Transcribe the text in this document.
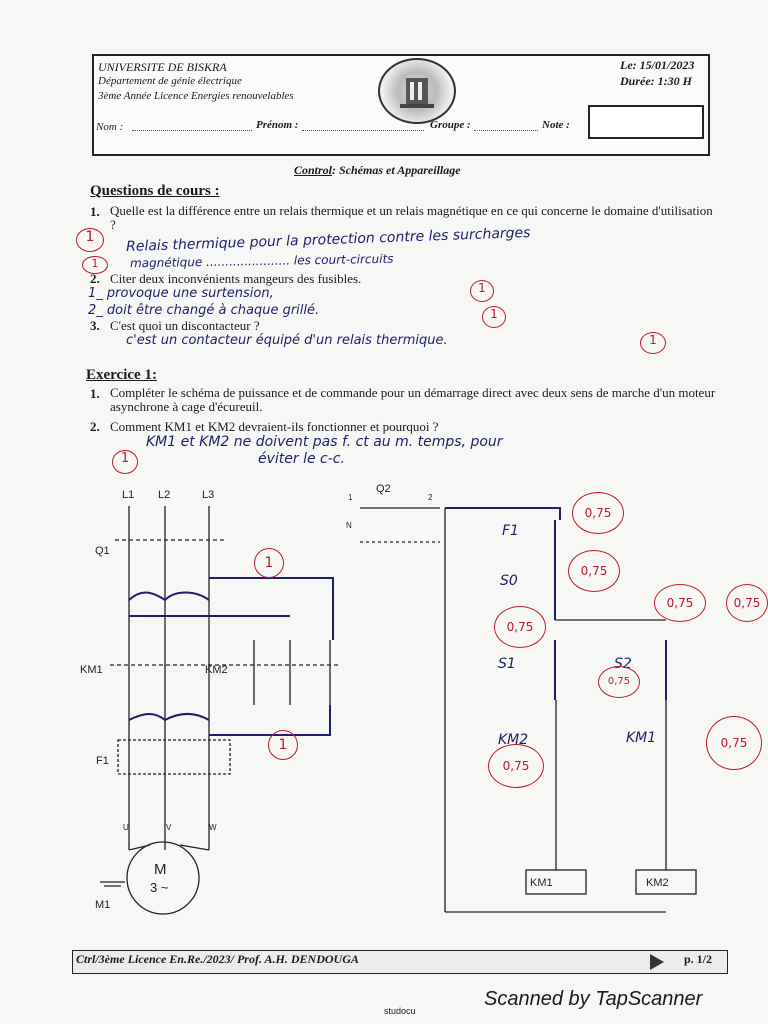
UNIVERSITE DE BISKRA
Département de génie électrique
3ème Année Licence Energies renouvelables
Le: 15/01/2023
Durée: 1:30 H
Nom :	Prénom :	Groupe :	Note :
Control: Schémas et Appareillage
Questions de cours :
1. Quelle est la différence entre un relais thermique et un relais magnétique en ce qui concerne le domaine d'utilisation ?
Relais thermique pour la protection contre les surcharges
magnétique ...................... les court-circuits
1
1
2. Citer deux inconvénients mangeurs des fusibles.
1_ provoque une surtension,
2_ doit être changé à chaque grillé.
1
1
3. C'est quoi un discontacteur ?
c'est un contacteur équipé d'un relais thermique.	1
Exercice 1:
1. Compléter le schéma de puissance et de commande pour un démarrage direct avec deux sens de marche d'un moteur asynchrone à cage d'écureuil.
2. Comment KM1 et KM2 devraient-ils fonctionner et pourquoi ?
KM1 et KM2 ne doivent pas f. ct au m. temps, pour
éviter le c-c.
1
L1 L2	L3
Q1
KM1	KM2
F1
U	V	W
M
3 ~
M1
1
1
Q2
1	2
N
KM1	KM2
F1
S0
S1	S2
KM2	KM1
0,75
0,75
0,75
0,75
0,75	0,75
0,75
0,75
Ctrl/3ème Licence En.Re./2023/ Prof. A.H. DENDOUGA	p. 1/2
studocu
Scanned by TapScanner
